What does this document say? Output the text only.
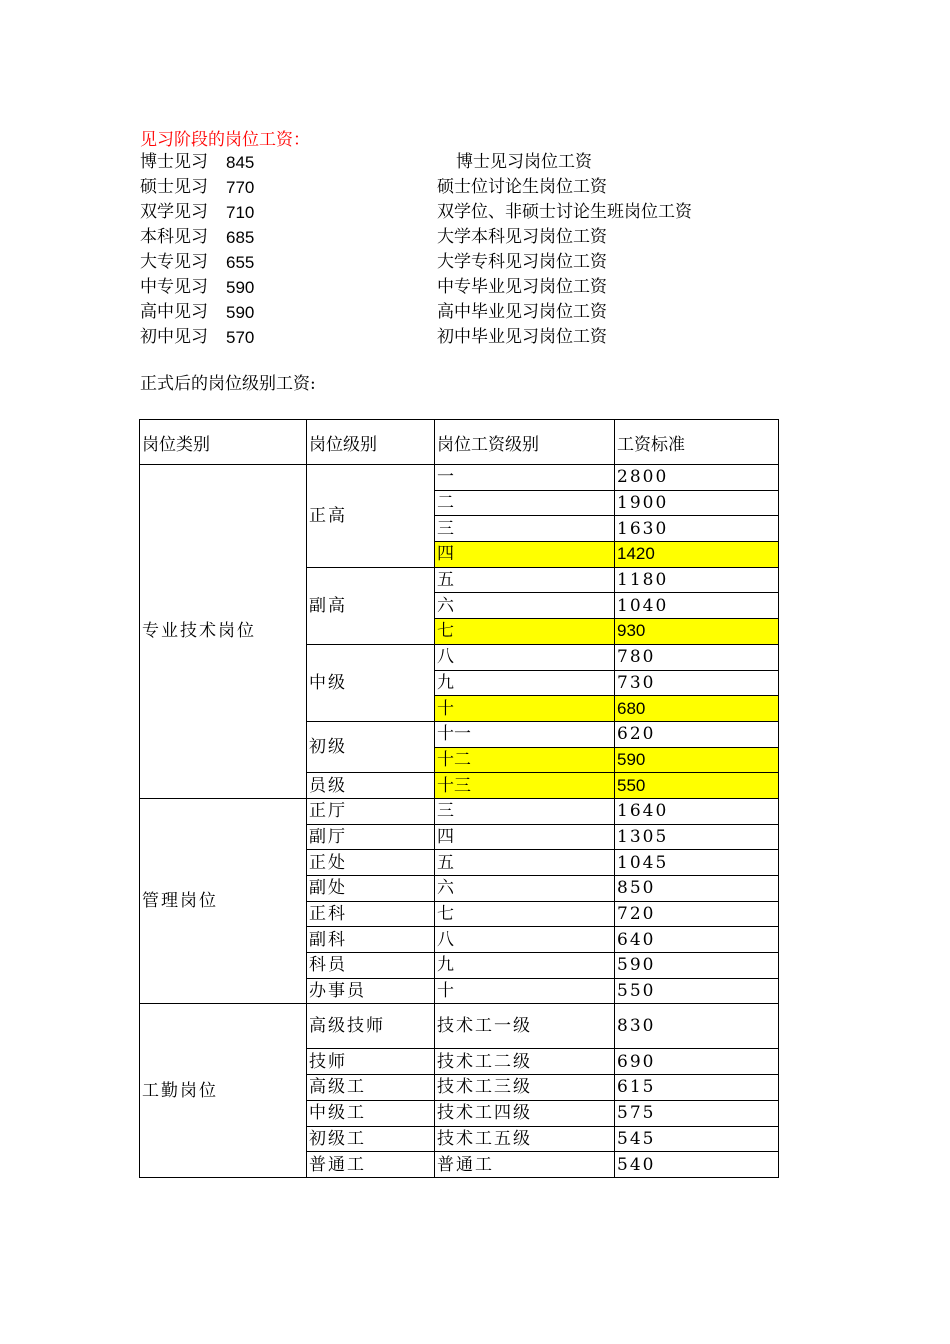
见习阶段的岗位工资：
博士见习 845	博士见习岗位工资
硕士见习 770	硕士位讨论生岗位工资
双学见习 710	双学位、非硕士讨论生班岗位工资
本科见习 685	大学本科见习岗位工资
大专见习 655	大学专科见习岗位工资
中专见习 590	中专毕业见习岗位工资
高中见习 590	高中毕业见习岗位工资
初中见习 570	初中毕业见习岗位工资
正式后的岗位级别工资:
岗位类别	岗位级别	岗位工资级别	工资标准
专业技术岗位	正高	一	2800
		二	1900
		三	1630
		四	1420
	副高	五	1180
		六	1040
		七	930
	中级	八	780
		九	730
		十	680
	初级	十一	620
		十二	590
	员级	十三	550
管理岗位	正厅	三	1640
	副厅	四	1305
	正处	五	1045
	副处	六	850
	正科	七	720
	副科	八	640
	科员	九	590
	办事员	十	550
工勤岗位	高级技师	技术工一级	830
	技师	技术工二级	690
	高级工	技术工三级	615
	中级工	技术工四级	575
	初级工	技术工五级	545
	普通工	普通工	540
